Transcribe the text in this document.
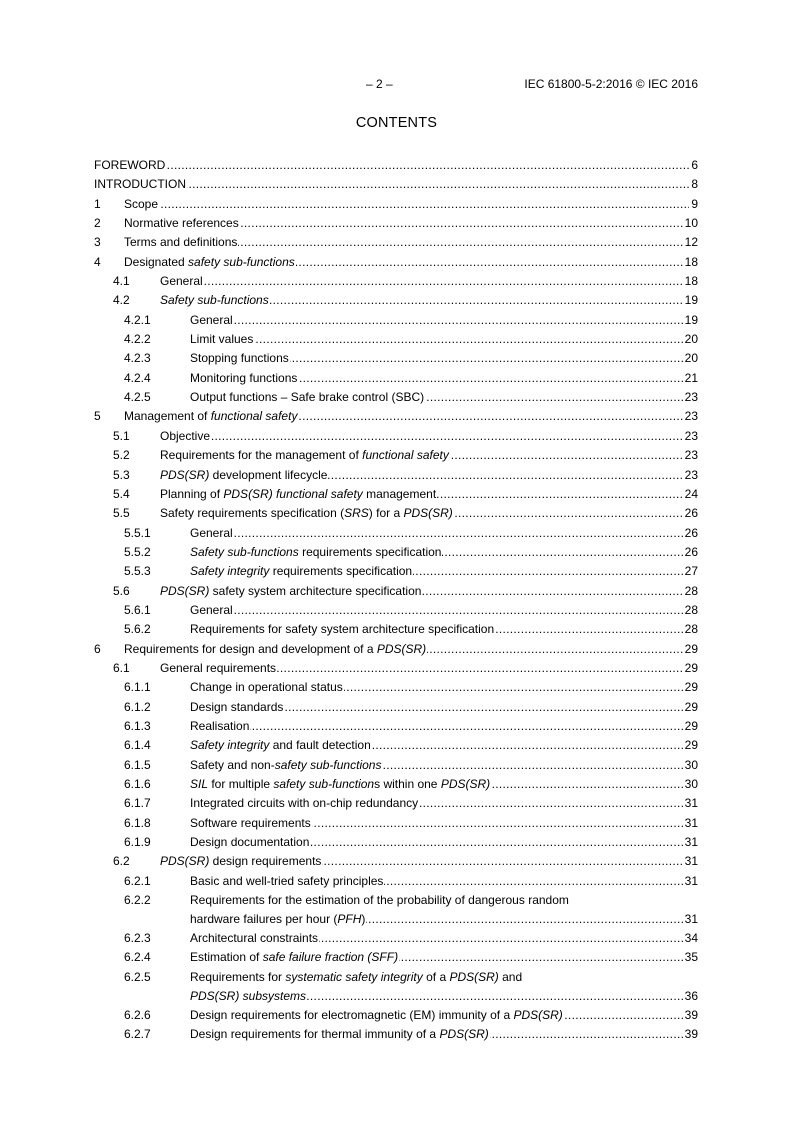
– 2 –	IEC 61800-5-2:2016 © IEC 2016
CONTENTS
FOREWORD .....	6
INTRODUCTION .....	8
1 Scope .....	9
2 Normative references .....	10
3 Terms and definitions .....	12
4 Designated safety sub-functions .....	18
4.1	General .....	18
4.2	Safety sub-functions .....	19
4.2.1	General .....	19
4.2.2	Limit values .....	20
4.2.3	Stopping functions .....	20
4.2.4	Monitoring functions .....	21
4.2.5	Output functions – Safe brake control (SBC) .....	23
5 Management of functional safety .....	23
5.1	Objective .....	23
5.2	Requirements for the management of functional safety .....	23
5.3	PDS(SR) development lifecycle .....	23
5.4	Planning of PDS(SR) functional safety management .....	24
5.5	Safety requirements specification (SRS) for a PDS(SR) .....	26
5.5.1	General .....	26
5.5.2	Safety sub-functions requirements specification .....	26
5.5.3	Safety integrity requirements specification .....	27
5.6	PDS(SR) safety system architecture specification .....	28
5.6.1	General .....	28
5.6.2	Requirements for safety system architecture specification .....	28
6 Requirements for design and development of a PDS(SR) .....	29
6.1	General requirements .....	29
6.1.1	Change in operational status .....	29
6.1.2	Design standards .....	29
6.1.3	Realisation .....	29
6.1.4	Safety integrity and fault detection .....	29
6.1.5	Safety and non-safety sub-functions .....	30
6.1.6	SIL for multiple safety sub-functions within one PDS(SR) .....	30
6.1.7	Integrated circuits with on-chip redundancy .....	31
6.1.8	Software requirements .....	31
6.1.9	Design documentation .....	31
6.2	PDS(SR) design requirements .....	31
6.2.1	Basic and well-tried safety principles .....	31
6.2.2	Requirements for the estimation of the probability of dangerous random
hardware failures per hour (PFH) .....	31
6.2.3	Architectural constraints .....	34
6.2.4	Estimation of safe failure fraction (SFF) .....	35
6.2.5	Requirements for systematic safety integrity of a PDS(SR) and
PDS(SR) subsystems .....	36
6.2.6	Design requirements for electromagnetic (EM) immunity of a PDS(SR) .....	39
6.2.7	Design requirements for thermal immunity of a PDS(SR) .....	39
